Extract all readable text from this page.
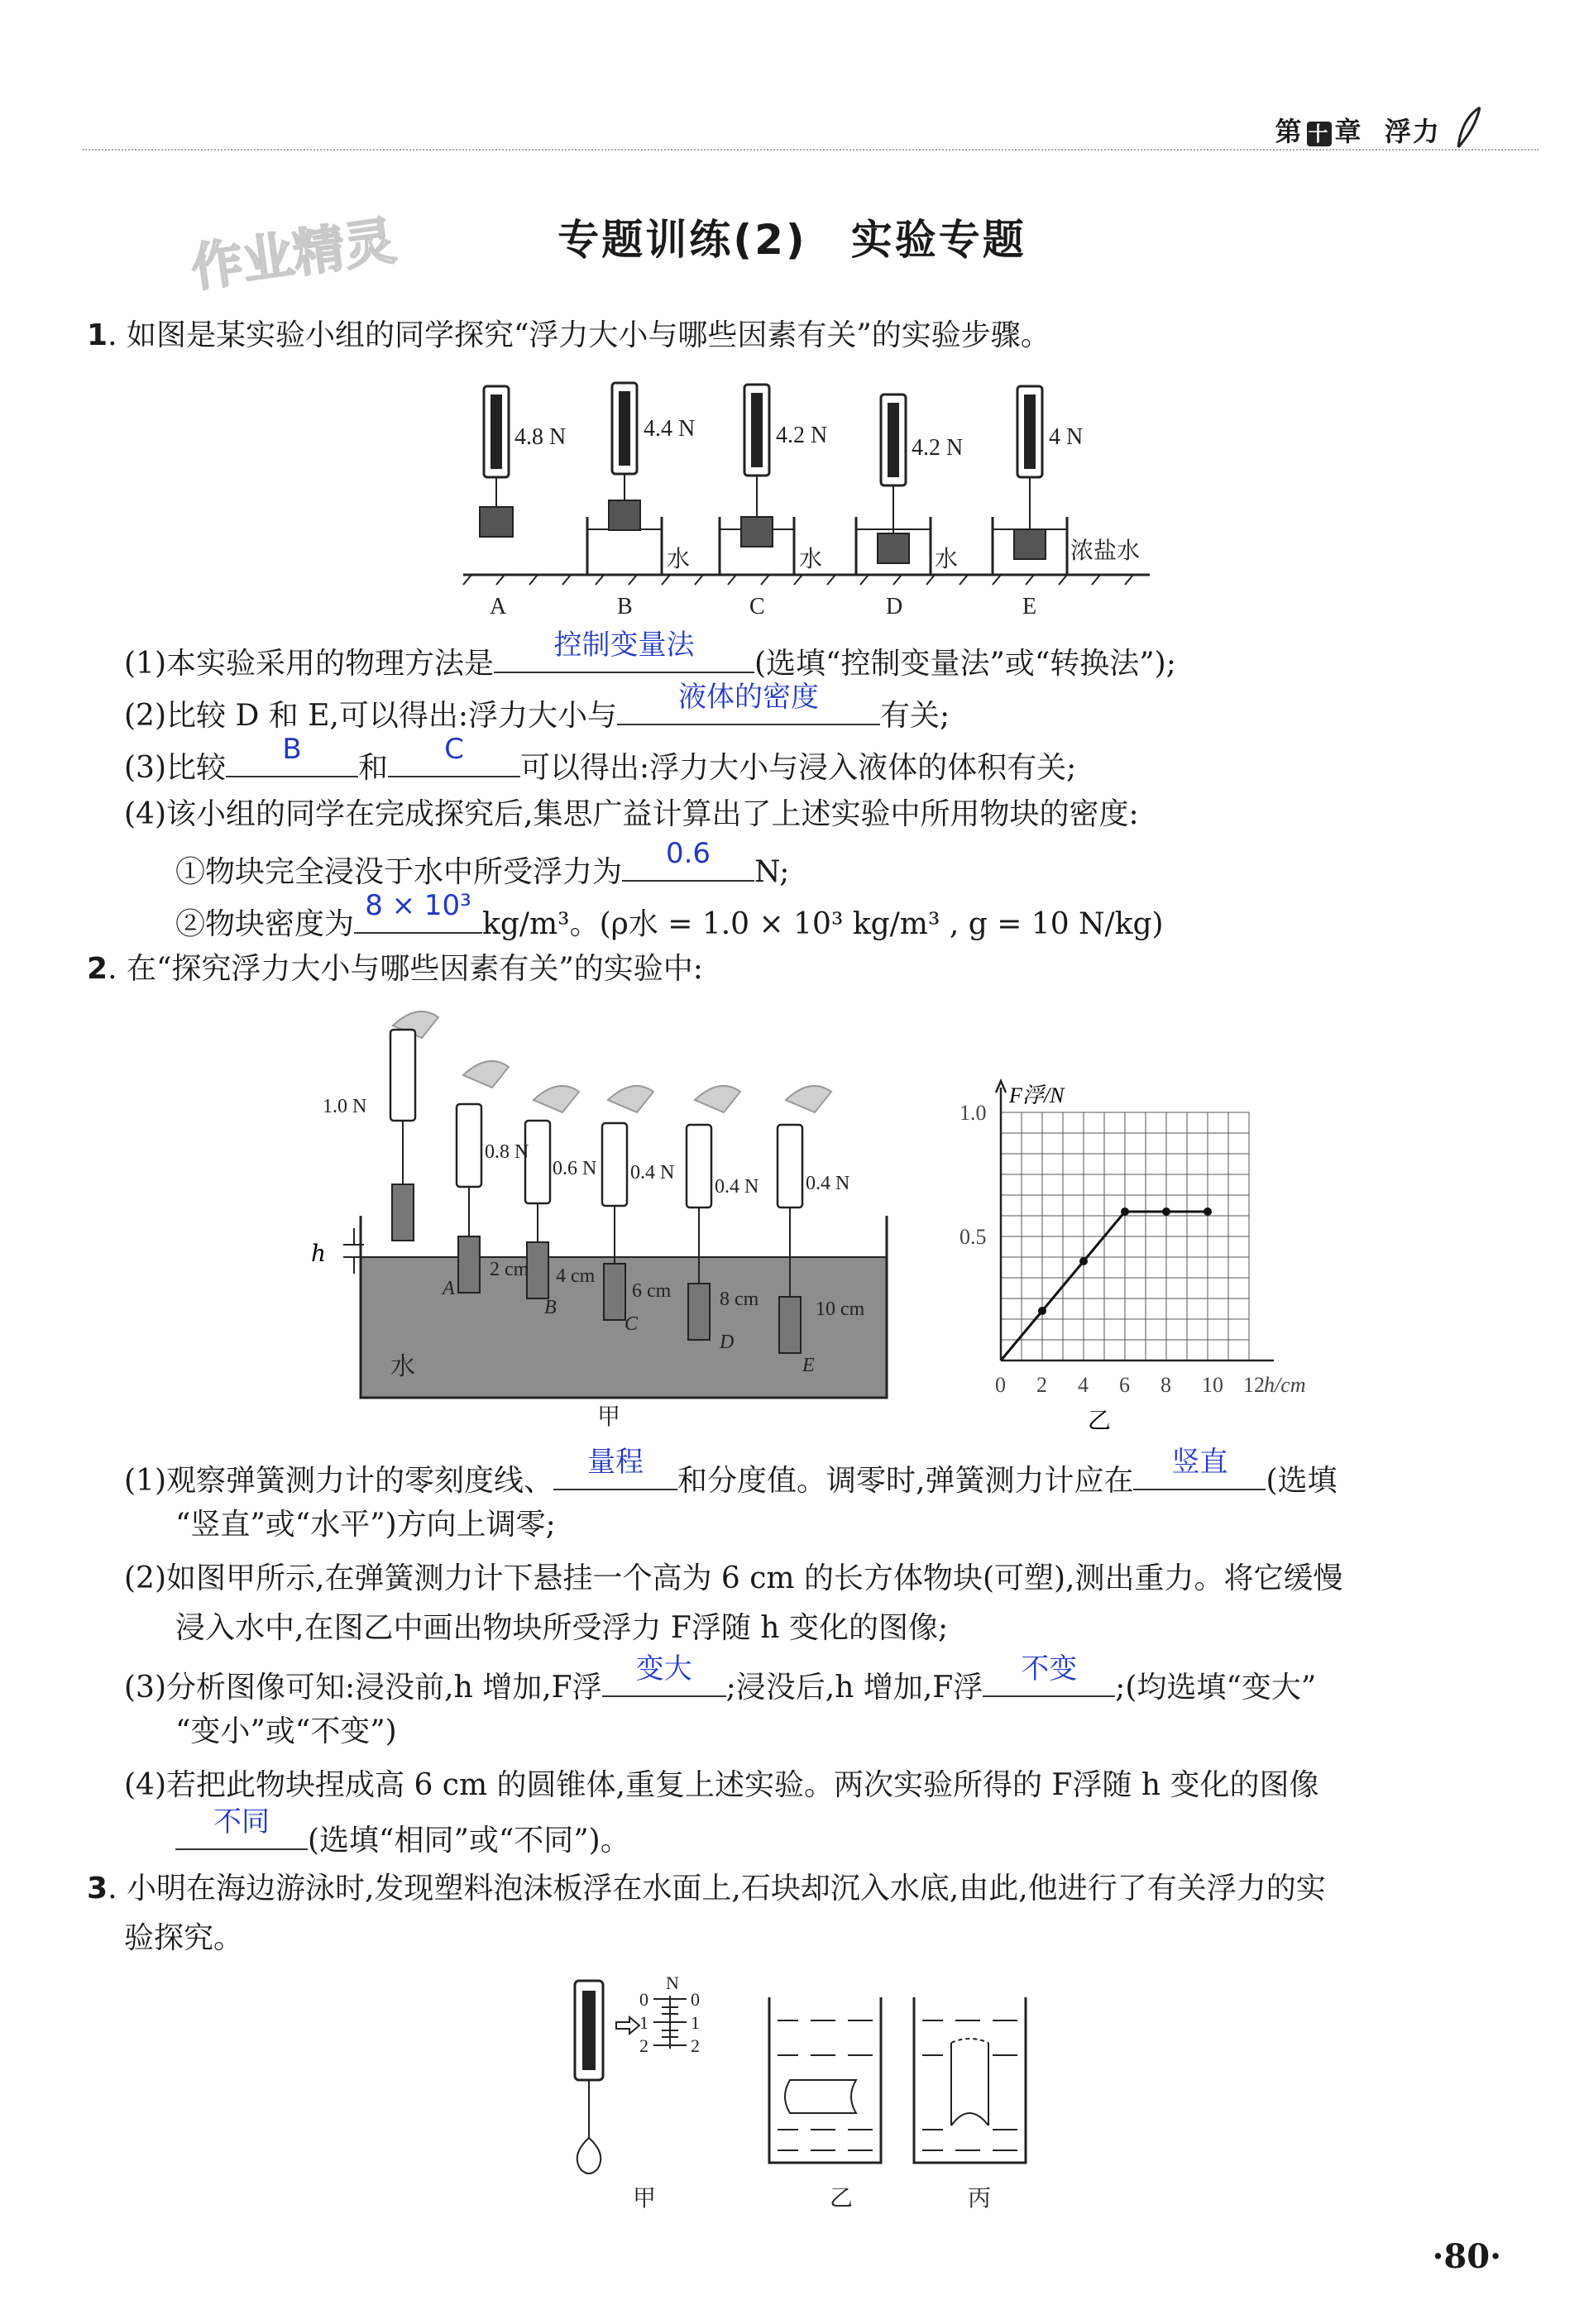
第 十 章 浮力
作业精灵	专题训练(2)　实验专题
1. 如图是某实验小组的同学探究“浮力大小与哪些因素有关”的实验步骤。
4.8 N	4.4 N	4.2 N	4.2 N	4 N
水	水	水	浓盐水
A	B	C	D	E
(1)本实验采用的物理方法是
控制变量法
(选填“控制变量法”或“转换法”);
(2)比较 D 和 E,可以得出:浮力大小与
液体的密度
有关;
(3)比较
B
和
C
可以得出:浮力大小与浸入液体的体积有关;
(4)该小组的同学在完成探究后,集思广益计算出了上述实验中所用物块的密度:
①物块完全浸没于水中所受浮力为
0.6
N;
②物块密度为
8 × 10³
kg/m³。(ρ水 = 1.0 × 10³ kg/m³ , g = 10 N/kg)
2. 在“探究浮力大小与哪些因素有关”的实验中:
h
1.0 N
0.8 N
0.6 N 0.4 N
0.4 N 0.4 N
2 cm 4 cm
6 cm 8 cm	10 cm
A
B
C
D
E
水
甲
F浮/N
h/cm
0 2 4 6 8 10 12
0.5
1.0
乙
(1)观察弹簧测力计的零刻度线、
量程
和分度值。调零时,弹簧测力计应在
竖直
(选填
“竖直”或“水平”)方向上调零;
(2)如图甲所示,在弹簧测力计下悬挂一个高为 6 cm 的长方体物块(可塑),测出重力。将它缓慢
浸入水中,在图乙中画出物块所受浮力 F浮随 h 变化的图像;
(3)分析图像可知:浸没前,h 增加,F浮
变大
;浸没后,h 增加,F浮
不变
;(均选填“变大”
“变小”或“不变”)
(4)若把此物块捏成高 6 cm 的圆锥体,重复上述实验。两次实验所得的 F浮随 h 变化的图像
不同
(选填“相同”或“不同”)。
3. 小明在海边游泳时,发现塑料泡沫板浮在水面上,石块却沉入水底,由此,他进行了有关浮力的实
验探究。
N
0
1
2
0
1
2
甲	乙	丙
·80·
